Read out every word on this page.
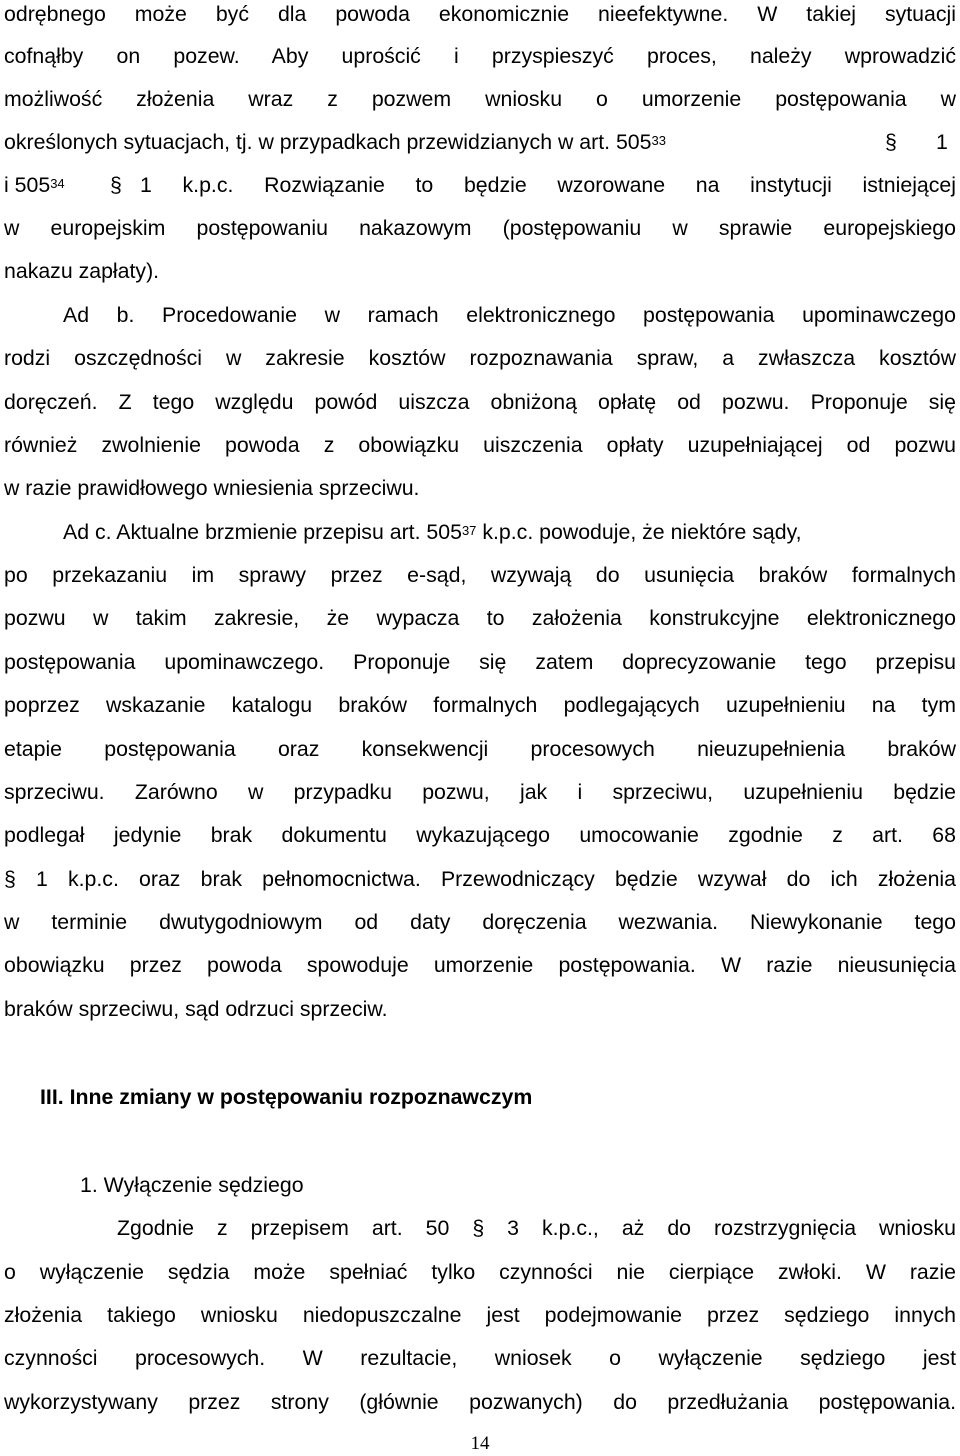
odrębnego może być dla powoda ekonomicznie nieefektywne. W takiej sytuacji
cofnąłby on pozew. Aby uprościć i przyspieszyć proces, należy wprowadzić
możliwość złożenia wraz z pozwem wniosku o umorzenie postępowania w
określonych sytuacjach, tj. w przypadkach przewidzianych w art. $505^{33}$	§ 1
i $505^{34}$ § 1 k.p.c. Rozwiązanie to będzie wzorowane na instytucji istniejącej
w europejskim postępowaniu nakazowym (postępowaniu w sprawie europejskiego
nakazu zapłaty).
Ad b. Procedowanie w ramach elektronicznego postępowania upominawczego
rodzi oszczędności w zakresie kosztów rozpoznawania spraw, a zwłaszcza kosztów
doręczeń. Z tego względu powód uiszcza obniżoną opłatę od pozwu. Proponuje się
również zwolnienie powoda z obowiązku uiszczenia opłaty uzupełniającej od pozwu
w razie prawidłowego wniesienia sprzeciwu.
Ad c. Aktualne brzmienie przepisu art. $505^{37}$ k.p.c. powoduje, że niektóre sądy,
po przekazaniu im sprawy przez e-sąd, wzywają do usunięcia braków formalnych
pozwu w takim zakresie, że wypacza to założenia konstrukcyjne elektronicznego
postępowania upominawczego. Proponuje się zatem doprecyzowanie tego przepisu
poprzez wskazanie katalogu braków formalnych podlegających uzupełnieniu na tym
etapie postępowania oraz konsekwencji procesowych nieuzupełnienia braków
sprzeciwu. Zarówno w przypadku pozwu, jak i sprzeciwu, uzupełnieniu będzie
podlegał jedynie brak dokumentu wykazującego umocowanie zgodnie z art. 68
§ 1 k.p.c. oraz brak pełnomocnictwa. Przewodniczący będzie wzywał do ich złożenia
w terminie dwutygodniowym od daty doręczenia wezwania. Niewykonanie tego
obowiązku przez powoda spowoduje umorzenie postępowania. W razie nieusunięcia
braków sprzeciwu, sąd odrzuci sprzeciw.
III. Inne zmiany w postępowaniu rozpoznawczym
1. Wyłączenie sędziego
Zgodnie z przepisem art. 50 § 3 k.p.c., aż do rozstrzygnięcia wniosku
o wyłączenie sędzia może spełniać tylko czynności nie cierpiące zwłoki. W razie
złożenia takiego wniosku niedopuszczalne jest podejmowanie przez sędziego innych
czynności procesowych. W rezultacie, wniosek o wyłączenie sędziego jest
wykorzystywany przez strony (głównie pozwanych) do przedłużania postępowania.
14
